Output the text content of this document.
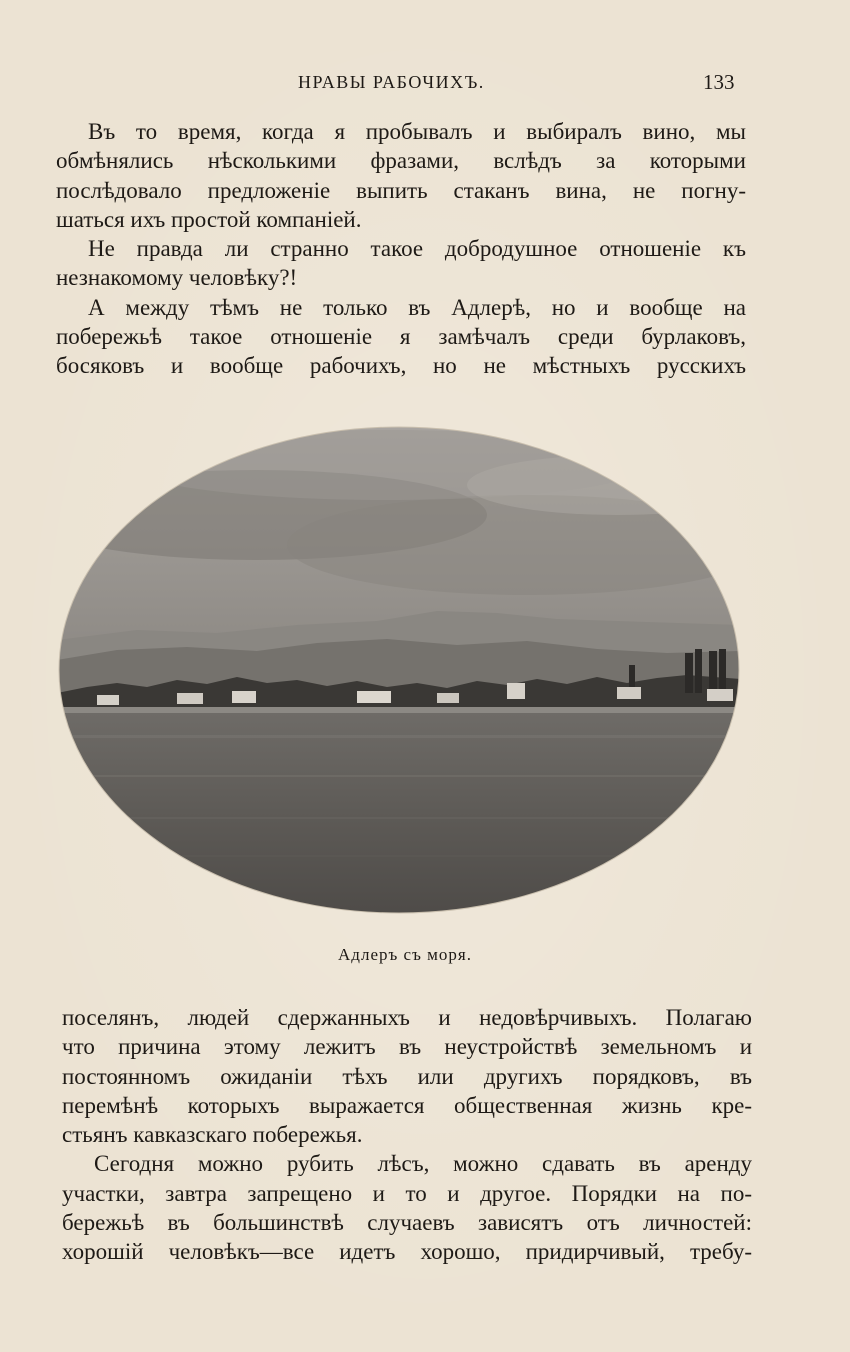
НРАВЫ РАБОЧИХЪ.	133
Въ то время, когда я пробывалъ и выбиралъ вино, мы
обмѣнялись нѣсколькими фразами, вслѣдъ за которыми
послѣдовало предложенiе выпить стаканъ вина, не погну-
шаться ихъ простой компанiей.
Не правда ли странно такое добродушное отношенiе къ
незнакомому человѣку?!
А между тѣмъ не только въ Адлерѣ, но и вообще на
побережьѣ такое отношенiе я замѣчалъ среди бурлаковъ,
босяковъ и вообще рабочихъ, но не мѣстныхъ русскихъ
Адлеръ съ моря.
поселянъ, людей сдержанныхъ и недовѣрчивыхъ. Полагаю
что причина этому лежитъ въ неустройствѣ земельномъ и
постоянномъ ожиданiи тѣхъ или другихъ порядковъ, въ
перемѣнѣ которыхъ выражается общественная жизнь кре-
стьянъ кавказскаго побережья.
Сегодня можно рубить лѣсъ, можно сдавать въ аренду
участки, завтра запрещено и то и другое. Порядки на по-
бережьѣ въ большинствѣ случаевъ зависятъ отъ личностей:
хорошiй человѣкъ—все идетъ хорошо, придирчивый, требу-
